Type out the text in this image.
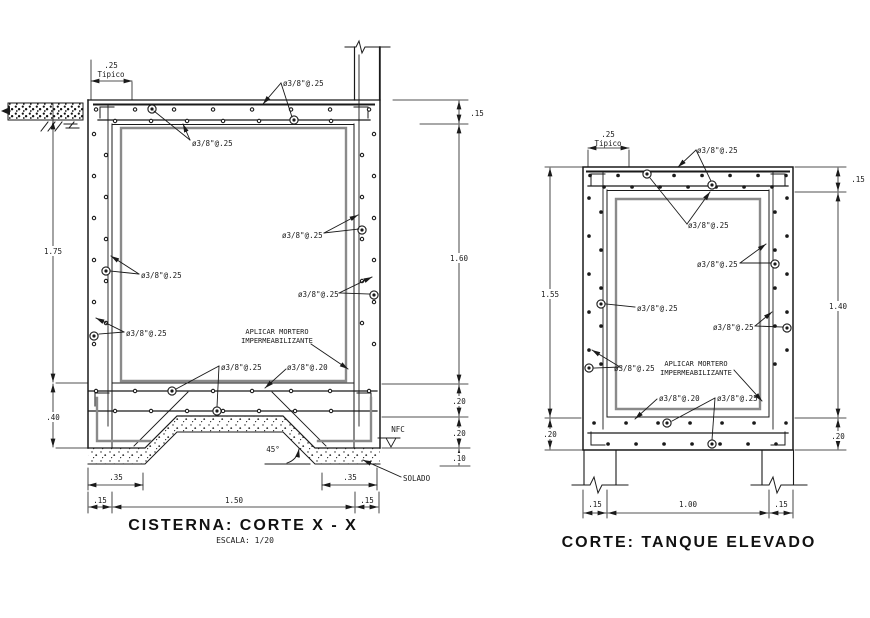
.25
Tipico
ø3/8"@.25
ø3/8"@.25
ø3/8"@.25
ø3/8"@.25
ø3/8"@.25
ø3/8"@.25	APLICAR MORTERO
IMPERMEABILIZANTE
ø3/8"@.25	ø3/8"@.20
45°
NFC
SOLADO
1.75
.40
.15
1.60
.20
.20
.10
.35	.35
.15	1.50	.15
CISTERNA: CORTE X - X
ESCALA: 1/20
.25
Tipico
ø3/8"@.25
ø3/8"@.25
ø3/8"@.25
ø3/8"@.25
ø3/8"@.25
ø3/8"@.25 APLICAR MORTERO
IMPERMEABILIZANTE
ø3/8"@.20 ø3/8"@.25
.15
1.40
.20
1.55
.20
.15	1.00	.15
CORTE: TANQUE ELEVADO
